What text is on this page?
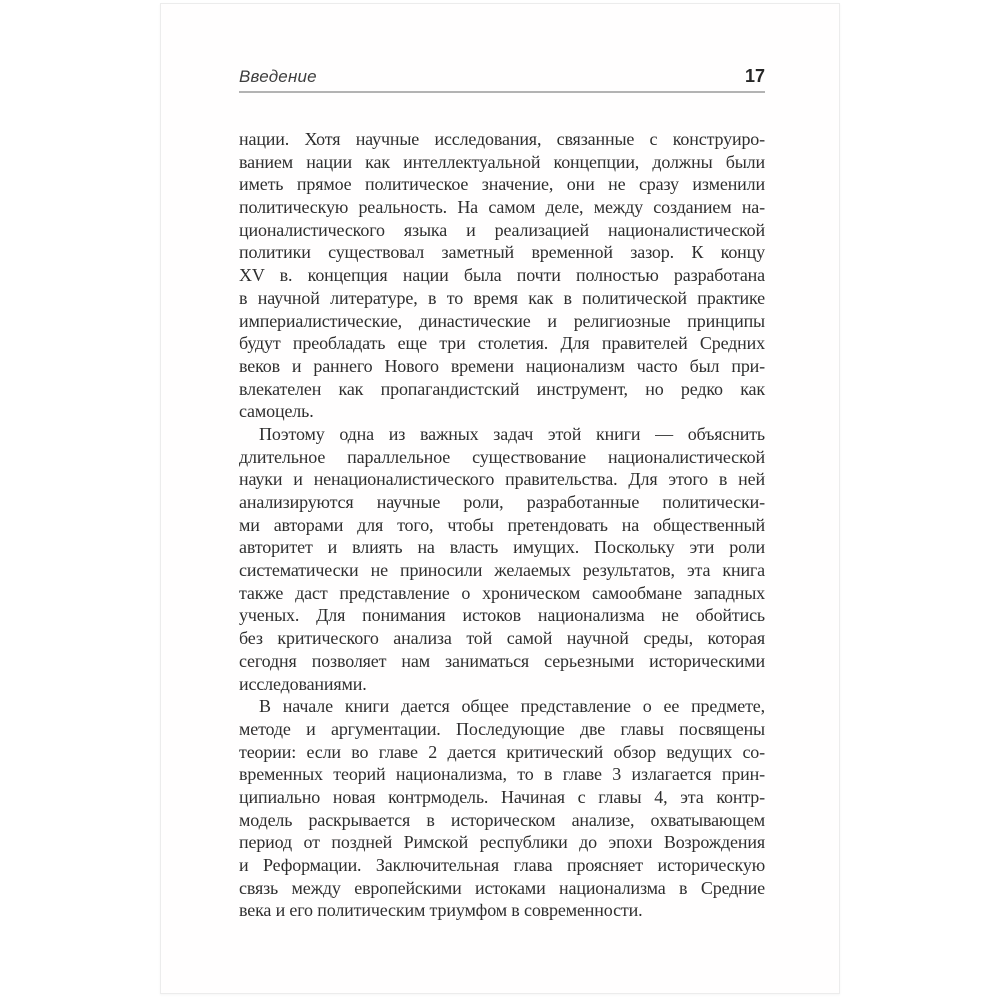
Введение	17
нации. Хотя научные исследования, связанные с конструиро-
ванием нации как интеллектуальной концепции, должны были
иметь прямое политическое значение, они не сразу изменили
политическую реальность. На самом деле, между созданием на-
ционалистического языка и реализацией националистической
политики существовал заметный временной зазор. К концу
XV в. концепция нации была почти полностью разработана
в научной литературе, в то время как в политической практике
империалистические, династические и религиозные принципы
будут преобладать еще три столетия. Для правителей Средних
веков и раннего Нового времени национализм часто был при-
влекателен как пропагандистский инструмент, но редко как
самоцель.
Поэтому одна из важных задач этой книги — объяснить
длительное параллельное существование националистической
науки и ненационалистического правительства. Для этого в ней
анализируются научные роли, разработанные политически-
ми авторами для того, чтобы претендовать на общественный
авторитет и влиять на власть имущих. Поскольку эти роли
систематически не приносили желаемых результатов, эта книга
также даст представление о хроническом самообмане западных
ученых. Для понимания истоков национализма не обойтись
без критического анализа той самой научной среды, которая
сегодня позволяет нам заниматься серьезными историческими
исследованиями.
В начале книги дается общее представление о ее предмете,
методе и аргументации. Последующие две главы посвящены
теории: если во главе 2 дается критический обзор ведущих со-
временных теорий национализма, то в главе 3 излагается прин-
ципиально новая контрмодель. Начиная с главы 4, эта контр-
модель раскрывается в историческом анализе, охватывающем
период от поздней Римской республики до эпохи Возрождения
и Реформации. Заключительная глава проясняет историческую
связь между европейскими истоками национализма в Средние
века и его политическим триумфом в современности.
